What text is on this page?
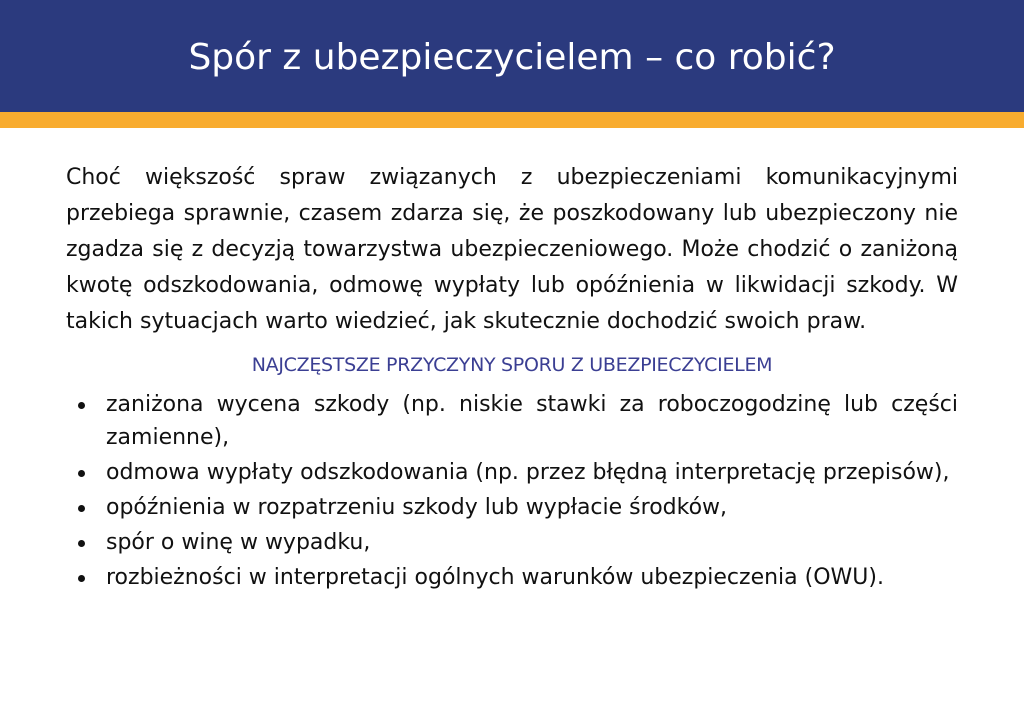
Spór z ubezpieczycielem – co robić?

Choć większość spraw związanych z ubezpieczeniami komunikacyjnymi przebiega sprawnie, czasem zdarza się, że poszkodowany lub ubezpieczony nie zgadza się z decyzją towarzystwa ubezpieczeniowego. Może chodzić o zaniżoną kwotę odszkodowania, odmowę wypłaty lub opóźnienia w likwidacji szkody. W takich sytuacjach warto wiedzieć, jak skutecznie dochodzić swoich praw.

NAJCZĘSTSZE PRZYCZYNY SPORU Z UBEZPIECZYCIELEM
zaniżona wycena szkody (np. niskie stawki za roboczogodzinę lub części zamienne),
odmowa wypłaty odszkodowania (np. przez błędną interpretację przepisów),
opóźnienia w rozpatrzeniu szkody lub wypłacie środków,
spór o winę w wypadku,
rozbieżności w interpretacji ogólnych warunków ubezpieczenia (OWU).
